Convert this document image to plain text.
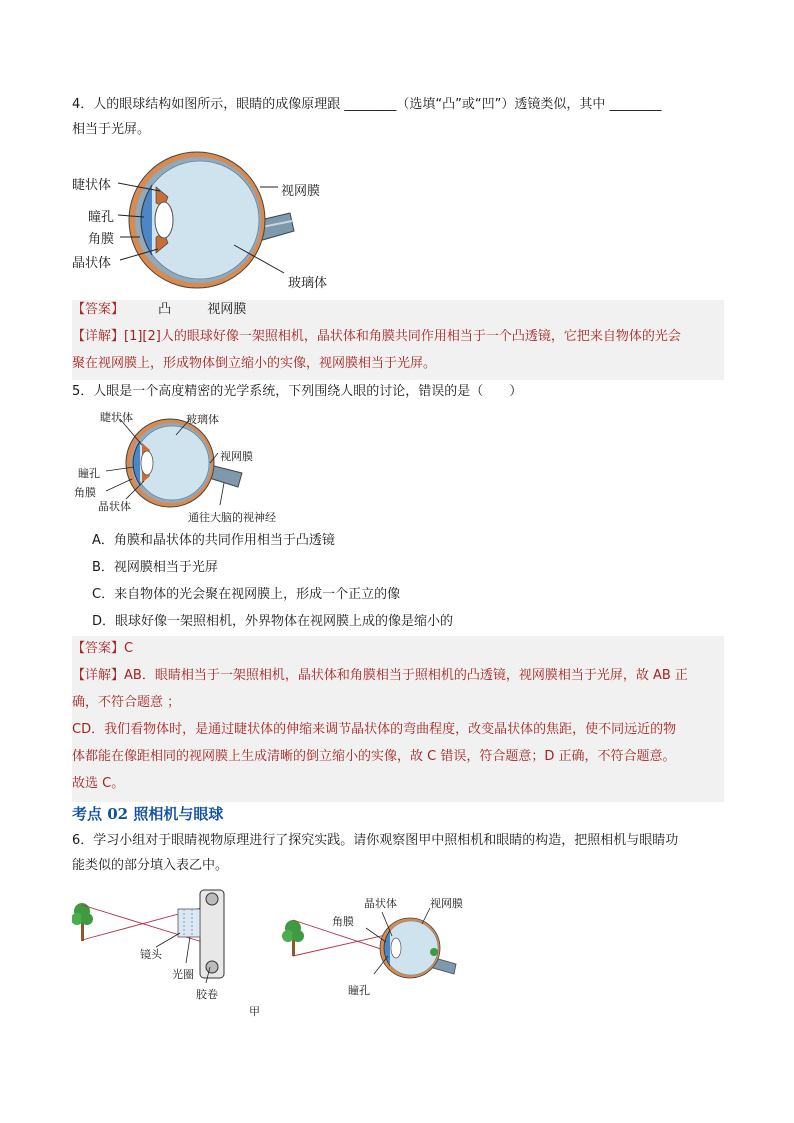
4．人的眼球结构如图所示，眼睛的成像原理跟 ________（选填“凸”或“凹”）透镜类似，其中 ________
相当于光屏。
睫状体
瞳孔
角膜
晶状体
视网膜
玻璃体
【答案】	凸	视网膜
【详解】[1][2]人的眼球好像一架照相机，晶状体和角膜共同作用相当于一个凸透镜，它把来自物体的光会
聚在视网膜上，形成物体倒立缩小的实像，视网膜相当于光屏。
5．人眼是一个高度精密的光学系统，下列围绕人眼的讨论，错误的是（　　）
睫状体	玻璃体
视网膜
瞳孔
角膜
晶状体
通往大脑的视神经
A．角膜和晶状体的共同作用相当于凸透镜
B．视网膜相当于光屏
C．来自物体的光会聚在视网膜上，形成一个正立的像
D．眼球好像一架照相机，外界物体在视网膜上成的像是缩小的
【答案】C
【详解】AB．眼睛相当于一架照相机，晶状体和角膜相当于照相机的凸透镜，视网膜相当于光屏，故 AB 正
确，不符合题意 ；
CD．我们看物体时，是通过睫状体的伸缩来调节晶状体的弯曲程度，改变晶状体的焦距，使不同远近的物
体都能在像距相同的视网膜上生成清晰的倒立缩小的实像，故 C 错误，符合题意；D 正确，不符合题意。
故选 C。
考点 02 照相机与眼球
6．学习小组对于眼睛视物原理进行了探究实践。请你观察图甲中照相机和眼睛的构造，把照相机与眼睛功
能类似的部分填入表乙中。
镜头
光圈
胶卷
晶状体
角膜
视网膜
瞳孔
甲
